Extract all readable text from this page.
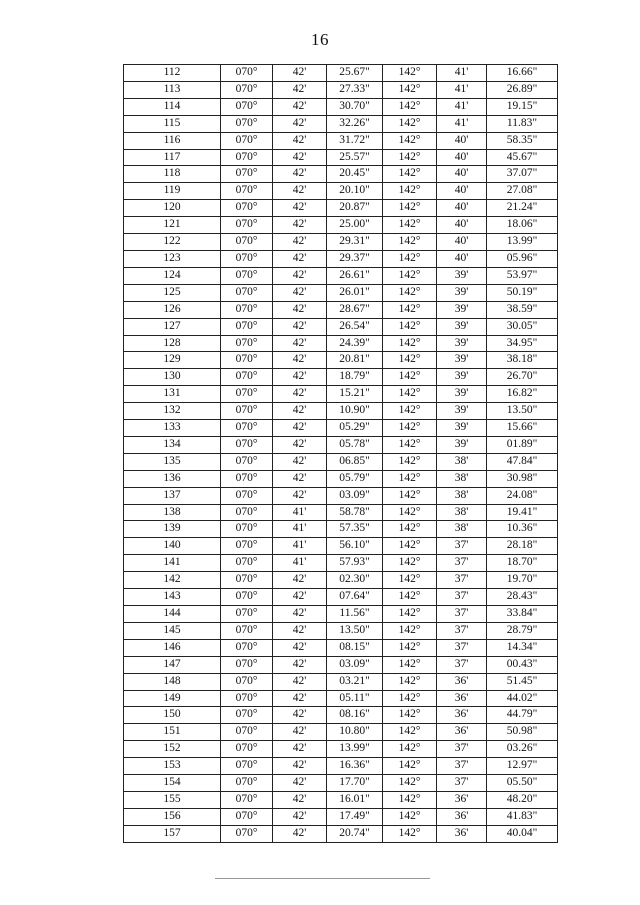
16
112	070°	42'	25.67"	142°	41'	16.66"
113	070°	42'	27.33"	142°	41'	26.89"
114	070°	42'	30.70"	142°	41'	19.15"
115	070°	42'	32.26"	142°	41'	11.83"
116	070°	42'	31.72"	142°	40'	58.35"
117	070°	42'	25.57"	142°	40'	45.67"
118	070°	42'	20.45"	142°	40'	37.07"
119	070°	42'	20.10"	142°	40'	27.08"
120	070°	42'	20.87"	142°	40'	21.24"
121	070°	42'	25.00"	142°	40'	18.06"
122	070°	42'	29.31"	142°	40'	13.99"
123	070°	42'	29.37"	142°	40'	05.96"
124	070°	42'	26.61"	142°	39'	53.97"
125	070°	42'	26.01"	142°	39'	50.19"
126	070°	42'	28.67"	142°	39'	38.59"
127	070°	42'	26.54"	142°	39'	30.05"
128	070°	42'	24.39"	142°	39'	34.95"
129	070°	42'	20.81"	142°	39'	38.18"
130	070°	42'	18.79"	142°	39'	26.70"
131	070°	42'	15.21"	142°	39'	16.82"
132	070°	42'	10.90"	142°	39'	13.50"
133	070°	42'	05.29"	142°	39'	15.66"
134	070°	42'	05.78"	142°	39'	01.89"
135	070°	42'	06.85"	142°	38'	47.84"
136	070°	42'	05.79"	142°	38'	30.98"
137	070°	42'	03.09"	142°	38'	24.08"
138	070°	41'	58.78"	142°	38'	19.41"
139	070°	41'	57.35"	142°	38'	10.36"
140	070°	41'	56.10"	142°	37'	28.18"
141	070°	41'	57.93"	142°	37'	18.70"
142	070°	42'	02.30"	142°	37'	19.70"
143	070°	42'	07.64"	142°	37'	28.43"
144	070°	42'	11.56"	142°	37'	33.84"
145	070°	42'	13.50"	142°	37'	28.79"
146	070°	42'	08.15"	142°	37'	14.34"
147	070°	42'	03.09"	142°	37'	00.43"
148	070°	42'	03.21"	142°	36'	51.45"
149	070°	42'	05.11"	142°	36'	44.02"
150	070°	42'	08.16"	142°	36'	44.79"
151	070°	42'	10.80"	142°	36'	50.98"
152	070°	42'	13.99"	142°	37'	03.26"
153	070°	42'	16.36"	142°	37'	12.97"
154	070°	42'	17.70"	142°	37'	05.50"
155	070°	42'	16.01"	142°	36'	48.20"
156	070°	42'	17.49"	142°	36'	41.83"
157	070°	42'	20.74"	142°	36'	40.04"
